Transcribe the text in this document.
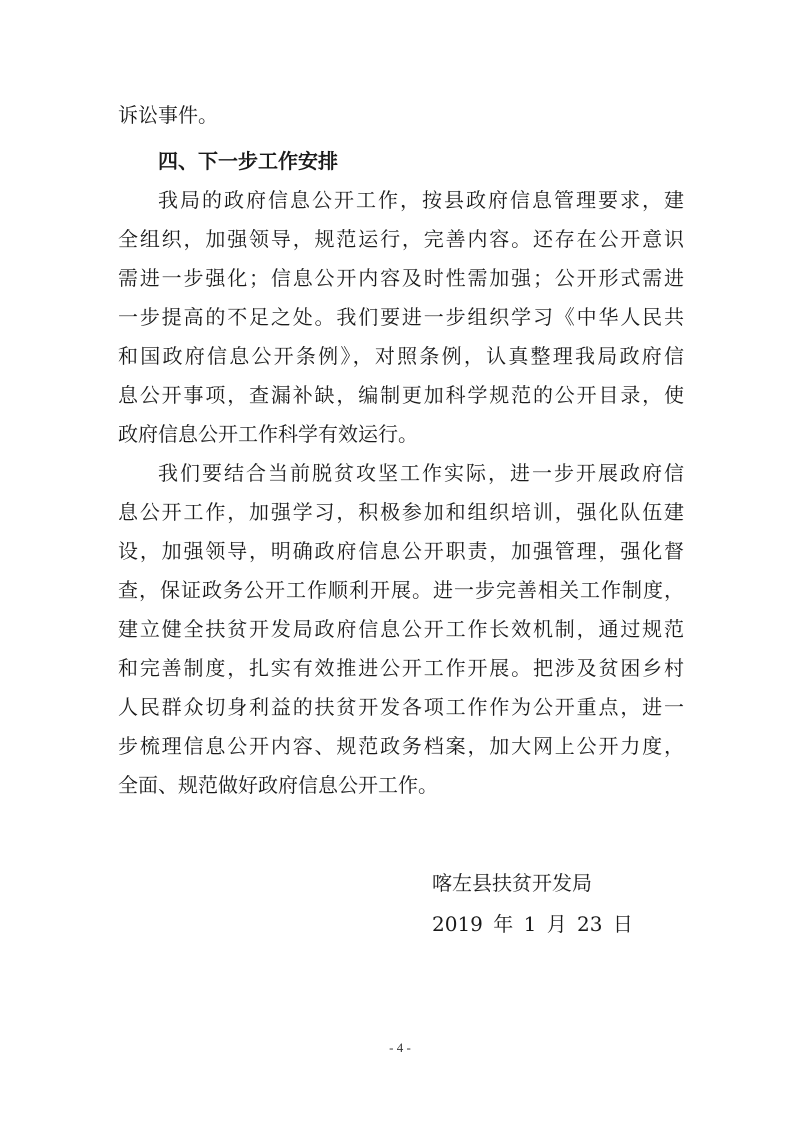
诉讼事件。
四、下一步工作安排
我局的政府信息公开工作，按县政府信息管理要求，建
全组织，加强领导，规范运行，完善内容。还存在公开意识
需进一步强化；信息公开内容及时性需加强；公开形式需进
一步提高的不足之处。我们要进一步组织学习《中华人民共
和国政府信息公开条例》，对照条例，认真整理我局政府信
息公开事项，查漏补缺，编制更加科学规范的公开目录，使
政府信息公开工作科学有效运行。
我们要结合当前脱贫攻坚工作实际，进一步开展政府信
息公开工作，加强学习，积极参加和组织培训，强化队伍建
设，加强领导，明确政府信息公开职责，加强管理，强化督
查，保证政务公开工作顺利开展。进一步完善相关工作制度，
建立健全扶贫开发局政府信息公开工作长效机制，通过规范
和完善制度，扎实有效推进公开工作开展。把涉及贫困乡村
人民群众切身利益的扶贫开发各项工作作为公开重点，进一
步梳理信息公开内容、规范政务档案，加大网上公开力度，
全面、规范做好政府信息公开工作。
喀左县扶贫开发局
2019 年 1 月 23 日
- 4 -
